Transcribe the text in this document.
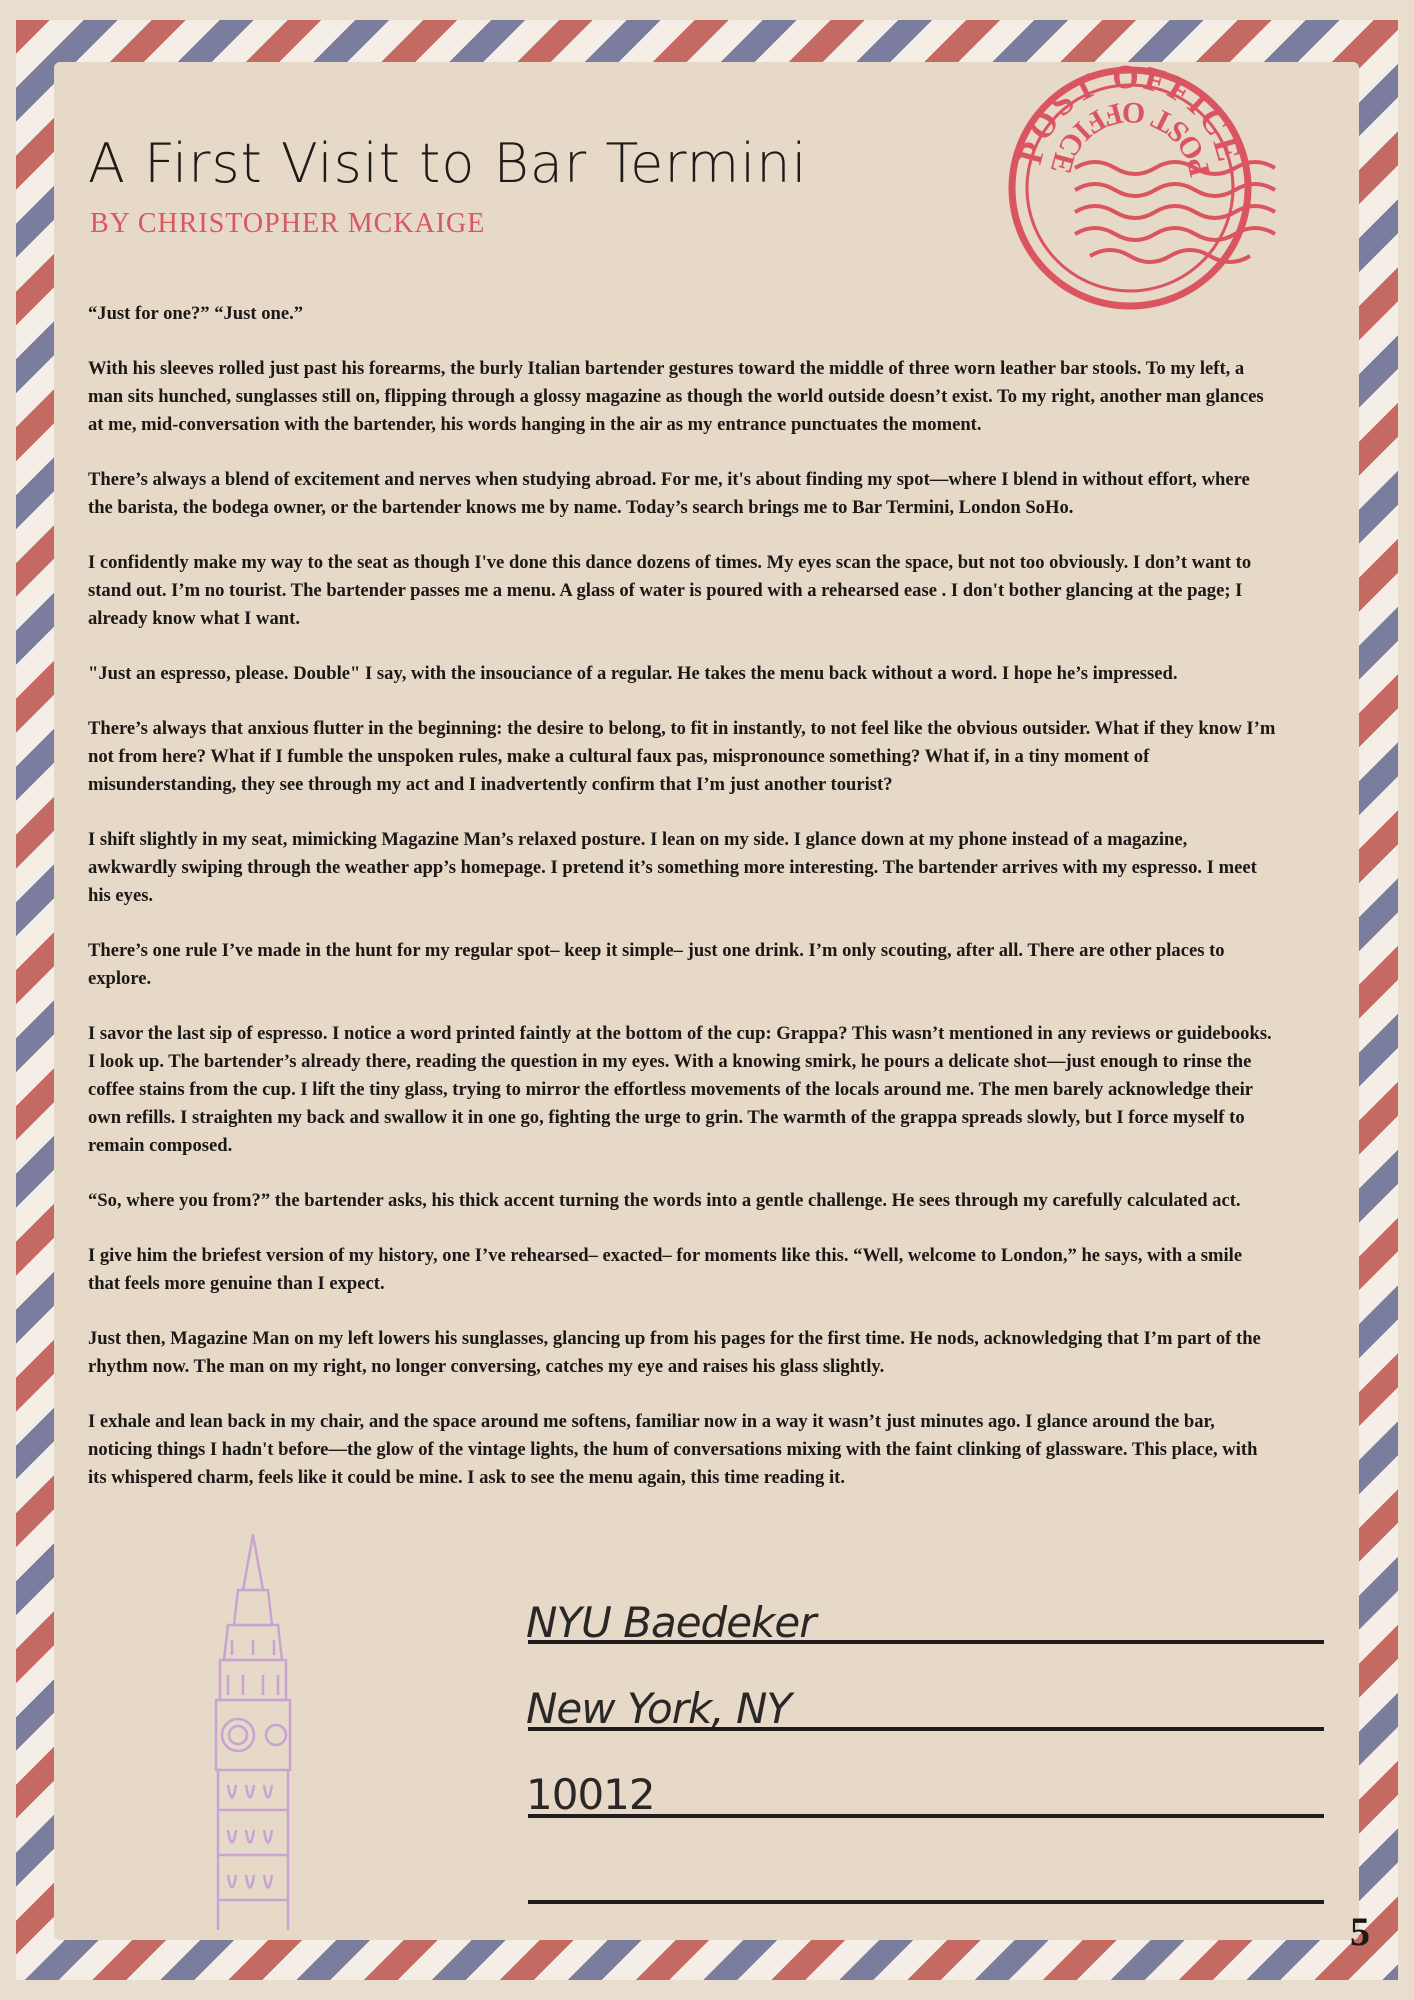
A First Visit to Bar Termini

BY CHRISTOPHER MCKAIGE

POST OFFICE
POST OFFICE

“Just for one?” “Just one.”

With his sleeves rolled just past his forearms, the burly Italian bartender gestures toward the middle of three worn leather bar stools. To my left, a man sits hunched, sunglasses still on, flipping through a glossy magazine as though the world outside doesn’t exist. To my right, another man glances at me, mid-conversation with the bartender, his words hanging in the air as my entrance punctuates the moment.

There’s always a blend of excitement and nerves when studying abroad. For me, it's about finding my spot—where I blend in without effort, where the barista, the bodega owner, or the bartender knows me by name. Today’s search brings me to Bar Termini, London SoHo.

I confidently make my way to the seat as though I've done this dance dozens of times. My eyes scan the space, but not too obviously. I don’t want to stand out. I’m no tourist. The bartender passes me a menu. A glass of water is poured with a rehearsed ease . I don't bother glancing at the page; I already know what I want.

"Just an espresso, please. Double" I say, with the insouciance of a regular. He takes the menu back without a word. I hope he’s impressed.

There’s always that anxious flutter in the beginning: the desire to belong, to fit in instantly, to not feel like the obvious outsider. What if they know I’m not from here? What if I fumble the unspoken rules, make a cultural faux pas, mispronounce something? What if, in a tiny moment of misunderstanding, they see through my act and I inadvertently confirm that I’m just another tourist?

I shift slightly in my seat, mimicking Magazine Man’s relaxed posture. I lean on my side. I glance down at my phone instead of a magazine, awkwardly swiping through the weather app’s homepage. I pretend it’s something more interesting. The bartender arrives with my espresso. I meet his eyes.

There’s one rule I’ve made in the hunt for my regular spot– keep it simple– just one drink. I’m only scouting, after all. There are other places to explore.

I savor the last sip of espresso. I notice a word printed faintly at the bottom of the cup: Grappa? This wasn’t mentioned in any reviews or guidebooks. I look up. The bartender’s already there, reading the question in my eyes. With a knowing smirk, he pours a delicate shot—just enough to rinse the coffee stains from the cup. I lift the tiny glass, trying to mirror the effortless movements of the locals around me. The men barely acknowledge their own refills. I straighten my back and swallow it in one go, fighting the urge to grin. The warmth of the grappa spreads slowly, but I force myself to remain composed.

“So, where you from?” the bartender asks, his thick accent turning the words into a gentle challenge. He sees through my carefully calculated act.

I give him the briefest version of my history, one I’ve rehearsed– exacted– for moments like this. “Well, welcome to London,” he says, with a smile that feels more genuine than I expect.

Just then, Magazine Man on my left lowers his sunglasses, glancing up from his pages for the first time. He nods, acknowledging that I’m part of the rhythm now. The man on my right, no longer conversing, catches my eye and raises his glass slightly.

I exhale and lean back in my chair, and the space around me softens, familiar now in a way it wasn’t just minutes ago. I glance around the bar, noticing things I hadn't before—the glow of the vintage lights, the hum of conversations mixing with the faint clinking of glassware. This place, with its whispered charm, feels like it could be mine. I ask to see the menu again, this time reading it.

NYU Baedeker
New York, NY
10012
5
